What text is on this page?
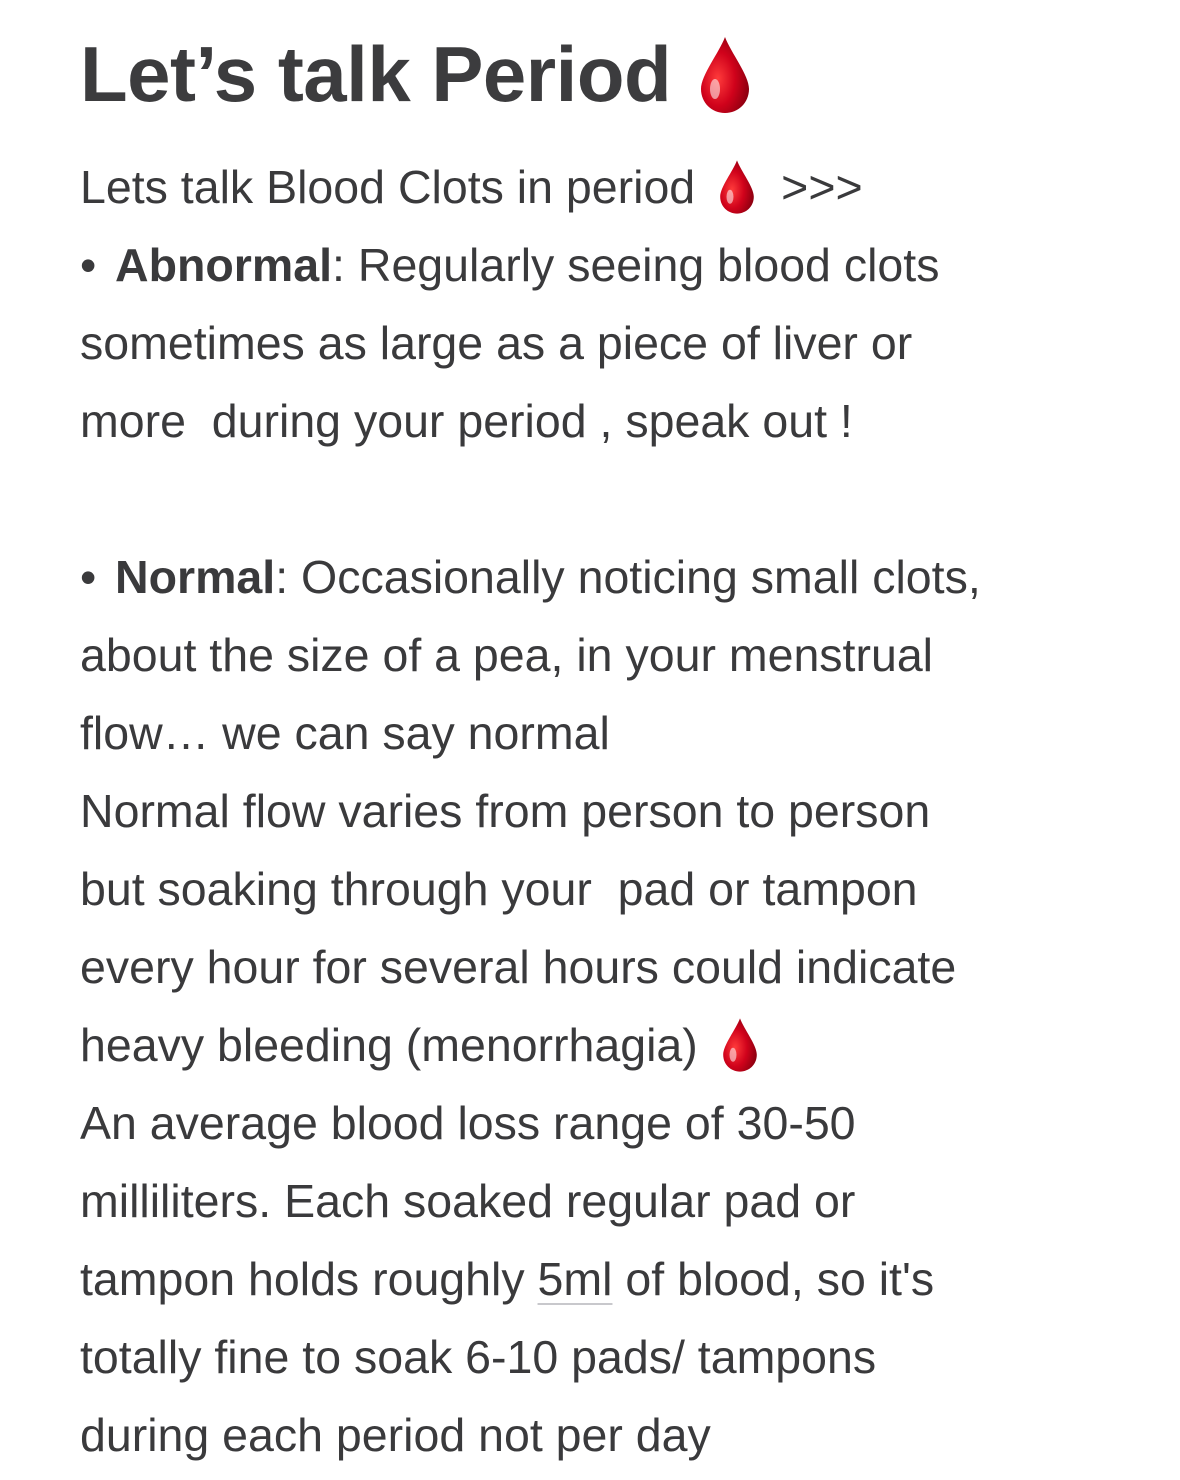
Let’s talk Period
Lets talk Blood Clots in period >>>
• Abnormal: Regularly seeing blood clots
sometimes as large as a piece of liver or
more  during your period , speak out !
• Normal: Occasionally noticing small clots,
about the size of a pea, in your menstrual
flow… we can say normal
Normal flow varies from person to person
but soaking through your  pad or tampon
every hour for several hours could indicate
heavy bleeding (menorrhagia)
An average blood loss range of 30-50
milliliters. Each soaked regular pad or
tampon holds roughly 5ml of blood, so it's
totally fine to soak 6-10 pads/ tampons
during each period not per day
